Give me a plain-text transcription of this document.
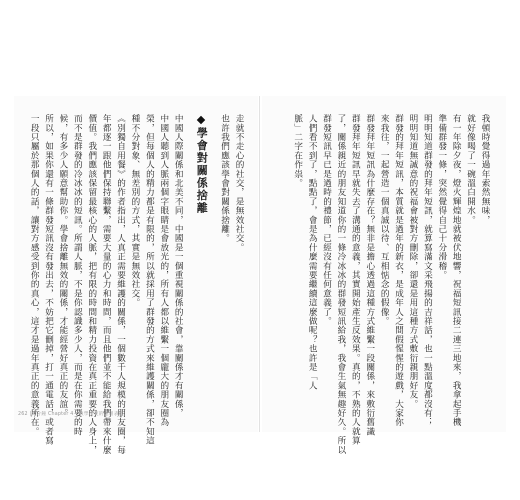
走就不走心的社交，是無效社交。
也許我們應該學會對關係捨離。
學會對關係捨離
中國人際關係和北美不同，中國是一個重視關係的社會，靠關係才有關係，
中國人聽到人脈兩個字眼睛是會放光的，所有人都以維繫一個龐大的朋友圈為
榮，但每個人的精力都是有限的，所以就採用了群發的方式來維護關係，卻不知這
種不分對象、無差別的方式，其實是無效社交。
《別獨自用餐》的作者指出，人真正需要維護的關係，一個數千人規模的朋友圈，每
年都逐一跟他們保持聯繫，需要大量的心力和時間，而且他們並不能給我們帶來什麼
價值。我們應該保留最核心的人脈，把有限的時間和精力投資在真正重要的人身上，
而不是群發的冷冰冰的短訊。所謂人脈，不是你認識多少人，而是在你需要的時
候，有多少人願意幫助你。學會捨離無效的關係，才能經營好真正的友誼。
所以，如果你還有一條群發短訊沒有發出去，不妨把它刪掉，打一通電話，或者寫
一段只屬於那個人的話，讓對方感受到你的真心，這才是過年真正的意義所在。	我頓時覺得過年索然無味，
就好像喝了一碗溫白開水。
有一年除夕夜，燈火輝煌地就被伏地響，祝福短訊接二連三地來，我拿起手機
準備群發一條，突然覺得自己十分滑稽。
明明知道群發的拜年短訊，就算寫滿文采飛揚的吉祥話，也一點溫度都沒有；
明明知道無誠意的祝福會被對方刪除，卻還是用這種方式敷衍親朋好友。
群發的拜年短訊，本質就是過年的新衣，是成年人之間假惺惺的遊戲，大家你
來我往，一起營造一個真誠以待、互相惦念的假像。
群發拜年短訊為什麼存在？無非是擔心透過這種方式維繫一段關係，來敷衍舊識
群發拜年短訊早就失去了溝通的意義，其實開始產生反效果。真的，不熟的人就算
了，關係親近的朋友知道你的一條冷冰冰的群發短訊給我，我會生氣無趣好久。所以
群發短訊早已是過時的禮節，已經沒有任何意義了。
人們看不到了，點點了，會是為什麼需要繼續這麼做呢？也許是「人
脈」二字在作祟。
262 | 5分鐘 Chapter 4 · 數學社交的應用表現
